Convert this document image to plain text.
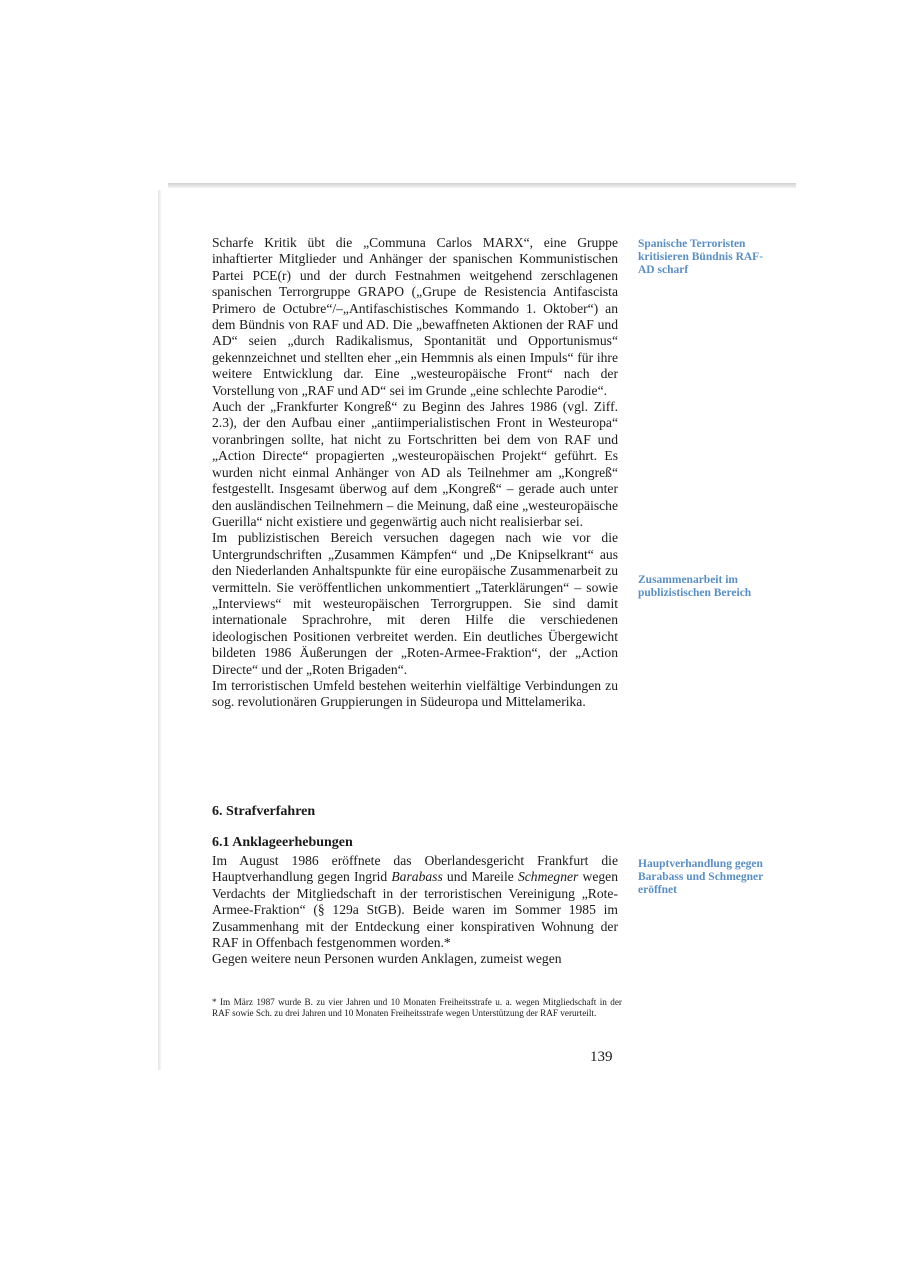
Scharfe Kritik übt die „Communa Carlos MARX“, eine Gruppe inhaftierter Mitglieder und Anhänger der spanischen Kommunistischen Partei PCE(r) und der durch Festnahmen weitgehend zerschlagenen spanischen Terrorgruppe GRAPO („Grupe de Resistencia Antifascista Primero de Octubre“/–„Antifaschistisches Kommando 1. Oktober“) an dem Bündnis von RAF und AD. Die „bewaffneten Aktionen der RAF und AD“ seien „durch Radikalismus, Spontanität und Opportunismus“ gekennzeichnet und stellten eher „ein Hemmnis als einen Impuls“ für ihre weitere Entwicklung dar. Eine „westeuropäische Front“ nach der Vorstellung von „RAF und AD“ sei im Grunde „eine schlechte Parodie“.

Auch der „Frankfurter Kongreß“ zu Beginn des Jahres 1986 (vgl. Ziff. 2.3), der den Aufbau einer „antiimperialistischen Front in Westeuropa“ voranbringen sollte, hat nicht zu Fortschritten bei dem von RAF und „Action Directe“ propagierten „westeuropäischen Projekt“ geführt. Es wurden nicht einmal Anhänger von AD als Teilnehmer am „Kongreß“ festgestellt. Insgesamt überwog auf dem „Kongreß“ – gerade auch unter den ausländischen Teilnehmern – die Meinung, daß eine „westeuropäische Guerilla“ nicht existiere und gegenwärtig auch nicht realisierbar sei.

Im publizistischen Bereich versuchen dagegen nach wie vor die Untergrundschriften „Zusammen Kämpfen“ und „De Knipselkrant“ aus den Niederlanden Anhaltspunkte für eine europäische Zusammenarbeit zu vermitteln. Sie veröffentlichen unkommentiert „Taterklärungen“ – sowie „Interviews“ mit westeuropäischen Terrorgruppen. Sie sind damit internationale Sprachrohre, mit deren Hilfe die verschiedenen ideologischen Positionen verbreitet werden. Ein deutliches Übergewicht bildeten 1986 Äußerungen der „Roten-Armee-Fraktion“, der „Action Directe“ und der „Roten Brigaden“.

Im terroristischen Umfeld bestehen weiterhin vielfältige Verbindungen zu sog. revolutionären Gruppierungen in Südeuropa und Mittelamerika.

Spanische Terroristen kritisieren Bündnis RAF-AD scharf
Zusammenarbeit im publizistischen Bereich
Hauptverhandlung gegen Barabass und Schmegner eröffnet
6. Strafverfahren
6.1 Anklageerhebungen

Im August 1986 eröffnete das Oberlandesgericht Frankfurt die Hauptverhandlung gegen Ingrid Barabass und Mareile Schmegner wegen Verdachts der Mitgliedschaft in der terroristischen Vereinigung „Rote-Armee-Fraktion“ (§ 129a StGB). Beide waren im Sommer 1985 im Zusammenhang mit der Entdeckung einer konspirativen Wohnung der RAF in Offenbach festgenommen worden.*

Gegen weitere neun Personen wurden Anklagen, zumeist wegen

* Im März 1987 wurde B. zu vier Jahren und 10 Monaten Freiheitsstrafe u. a. wegen Mitgliedschaft in der RAF sowie Sch. zu drei Jahren und 10 Monaten Freiheitsstrafe wegen Unterstützung der RAF verurteilt.
139
